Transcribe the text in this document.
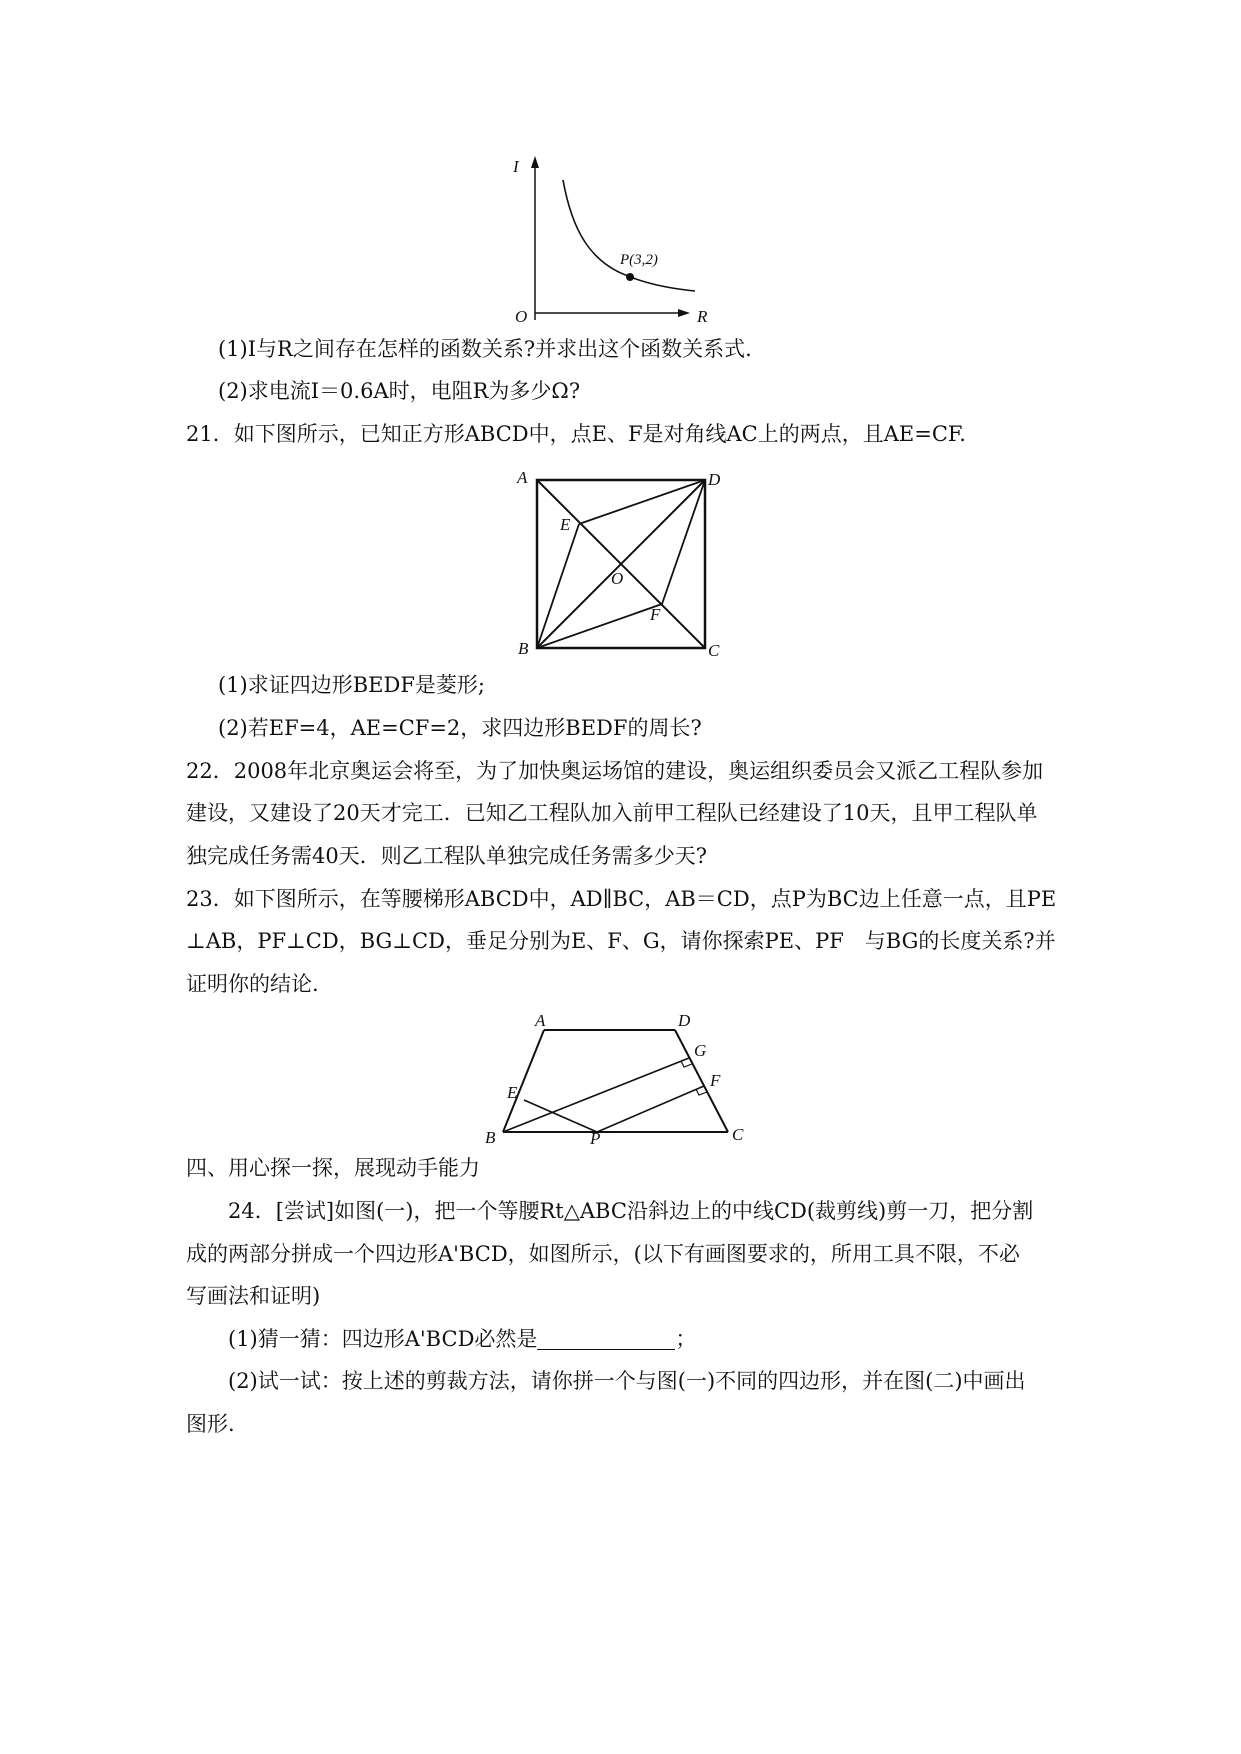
I
R
O
P(3,2)
(1)I与R之间存在怎样的函数关系?并求出这个函数关系式.
(2)求电流I＝0.6A时，电阻R为多少Ω?
21．如下图所示，已知正方形ABCD中，点E、F是对角线AC上的两点，且AE=CF.
A	D
B	C
E
O
F
(1)求证四边形BEDF是菱形;
(2)若EF=4，AE=CF=2，求四边形BEDF的周长?
22．2008年北京奥运会将至，为了加快奥运场馆的建设，奥运组织委员会又派乙工程队参加
建设，又建设了20天才完工．已知乙工程队加入前甲工程队已经建设了10天，且甲工程队单
独完成任务需40天．则乙工程队单独完成任务需多少天?
23．如下图所示，在等腰梯形ABCD中，AD∥BC，AB＝CD，点P为BC边上任意一点，且PE
⊥AB，PF⊥CD，BG⊥CD，垂足分别为E、F、G，请你探索PE、PF　与BG的长度关系?并
证明你的结论.
A	D
G
F
E
B	P	C
四、用心探一探，展现动手能力
24．[尝试]如图(一)，把一个等腰Rt△ABC沿斜边上的中线CD(裁剪线)剪一刀，把分割
成的两部分拼成一个四边形A'BCD，如图所示，(以下有画图要求的，所用工具不限，不必
写画法和证明)
(1)猜一猜：四边形A'BCD必然是	；
(2)试一试：按上述的剪裁方法，请你拼一个与图(一)不同的四边形，并在图(二)中画出
图形.
